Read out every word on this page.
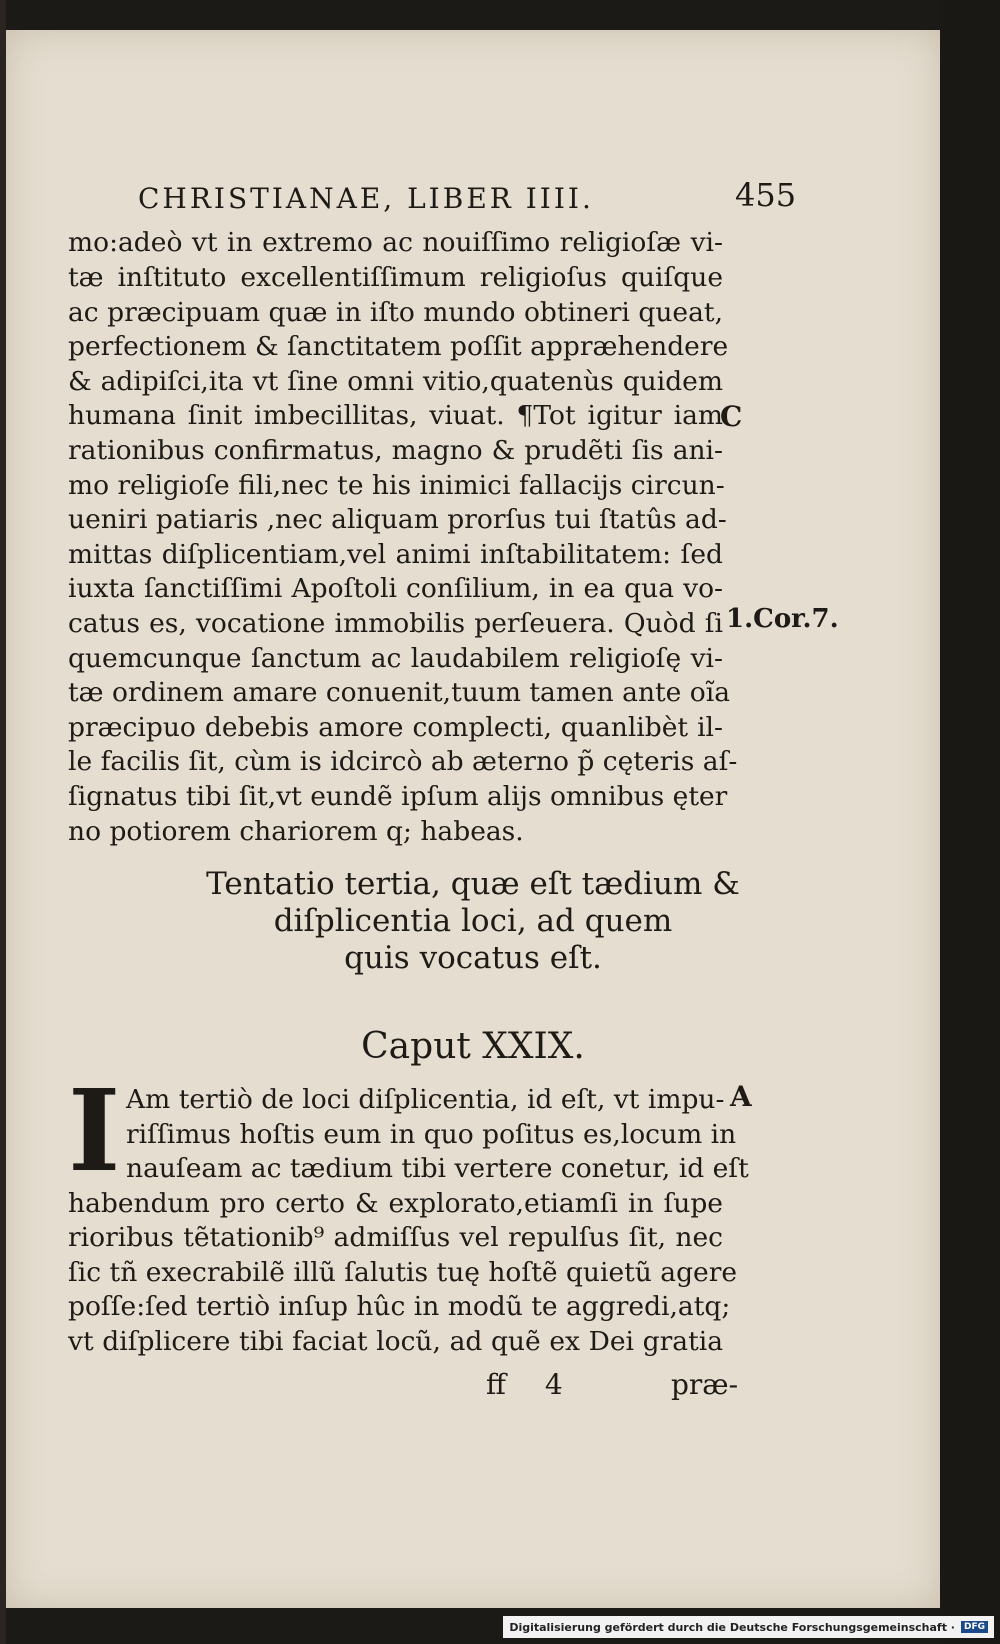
CHRISTIANAE, LIBER IIII.	455
mo:adeò vt in extremo ac nouiſſimo religioſæ vi-
tæ inſtituto excellentiſſimum religioſus quiſque
ac præcipuam quæ in iſto mundo obtineri queat,
perfectionem & ſanctitatem poſſit appræhendere
& adipiſci,ita vt ſine omni vitio,quatenùs quidem
humana ſinit imbecillitas, viuat. ¶Tot igitur iam
rationibus confirmatus, magno & prudẽti ſis ani-
mo religioſe fili,nec te his inimici fallacijs circun-
ueniri patiaris ,nec aliquam prorſus tui ſtatûs ad-
mittas diſplicentiam,vel animi inſtabilitatem: ſed
iuxta ſanctiſſimi Apoſtoli conſilium, in ea qua vo-
catus es, vocatione immobilis perſeuera. Quòd ſi
quemcunque ſanctum ac laudabilem religioſę vi-
tæ ordinem amare conuenit,tuum tamen ante oĩa
præcipuo debebis amore complecti, quanlibèt il-
le facilis ſit, cùm is idcircò ab æterno p̃ cęteris aſ-
ſignatus tibi ſit,vt eundẽ ipſum alijs omnibus ęter
no potiorem chariorem q; habeas.
C
1.Cor.7.
Tentatio tertia, quæ eſt tædium &
diſplicentia loci, ad quem
quis vocatus eſt.
Caput XXIX.
I	A
Am tertiò de loci diſplicentia, id eſt, vt impu-
riſſimus hoſtis eum in quo poſitus es,locum in
nauſeam ac tædium tibi vertere conetur, id eſt
habendum pro certo & explorato,etiamſi in ſupe
rioribus tẽtationib⁹ admiſſus vel repulſus ſit, nec
ſic tñ execrabilẽ illũ ſalutis tuę hoſtẽ quietũ agere
poſſe:ſed tertiò inſup hûc in modũ te aggredi,atq;
vt diſplicere tibi faciat locũ, ad quẽ ex Dei gratia
ff 4	præ-
Digitalisierung gefördert durch die Deutsche Forschungsgemeinschaft ·	DFG
